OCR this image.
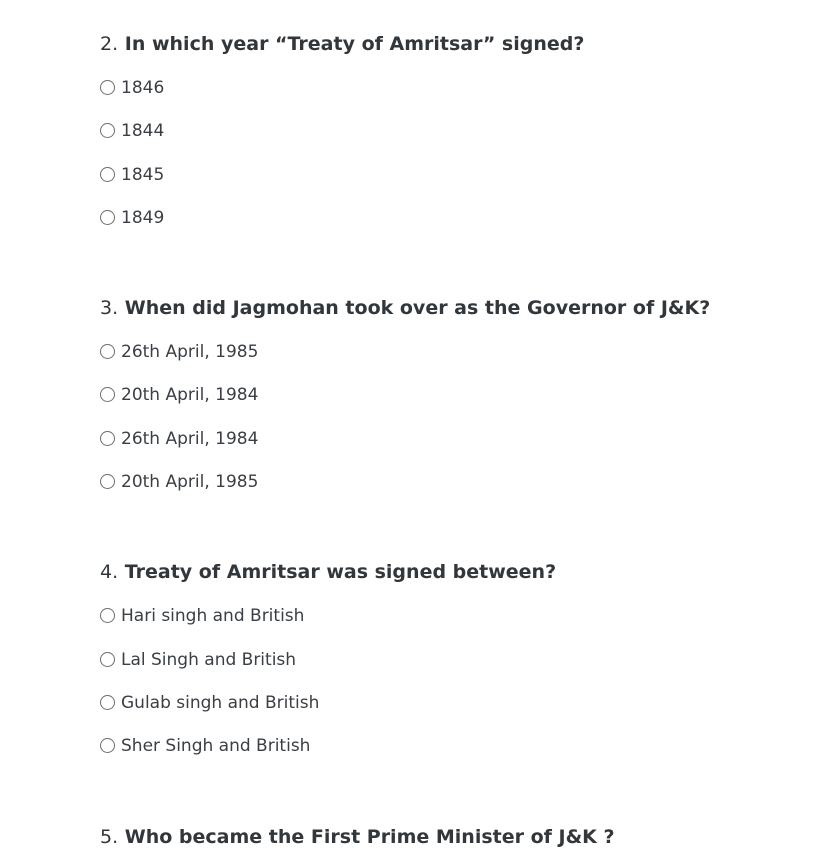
2. In which year “Treaty of Amritsar” signed?
1846
1844
1845
1849
3. When did Jagmohan took over as the Governor of J&K?
26th April, 1985
20th April, 1984
26th April, 1984
20th April, 1985
4. Treaty of Amritsar was signed between?
Hari singh and British
Lal Singh and British
Gulab singh and British
Sher Singh and British
5. Who became the First Prime Minister of J&K ?
